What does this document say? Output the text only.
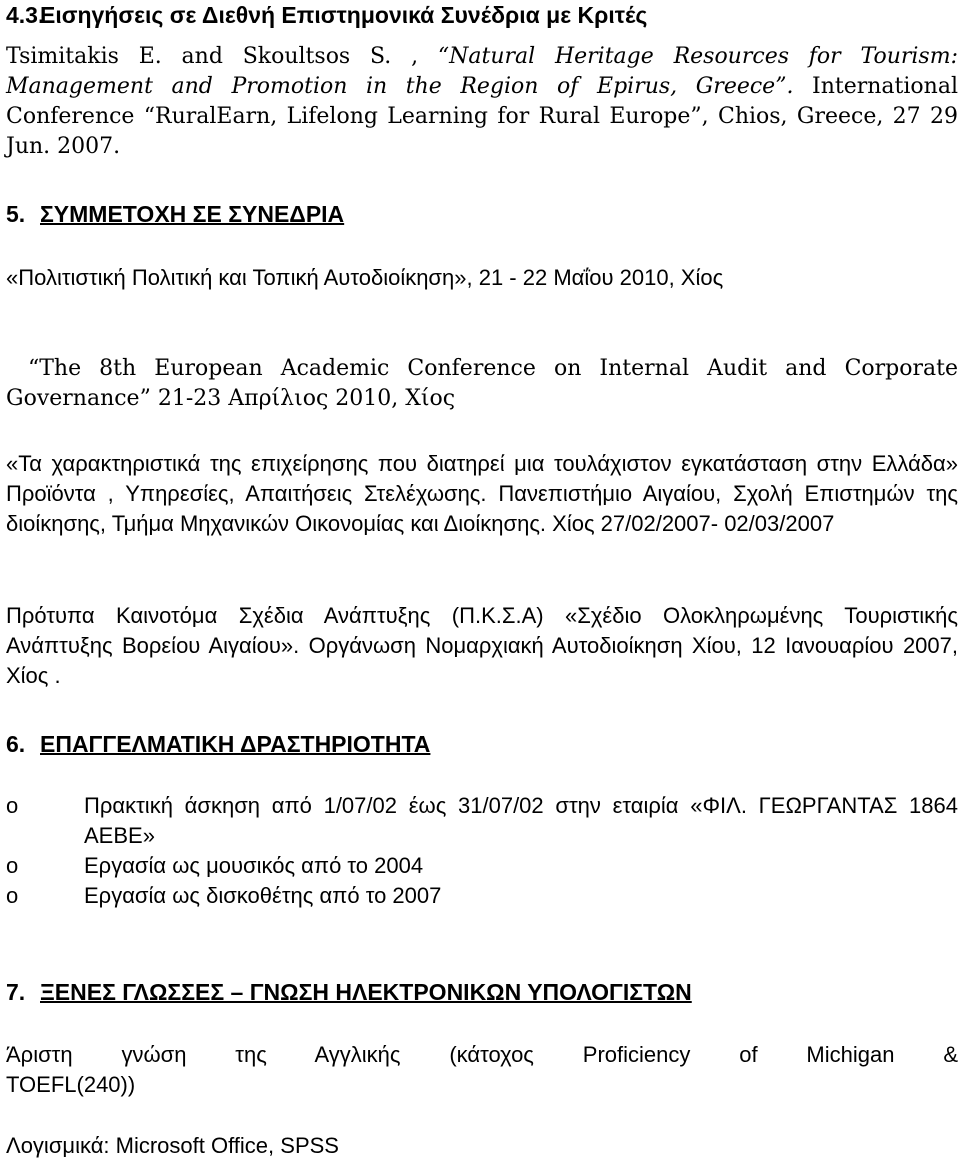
4.3.Εισηγήσεις σε Διεθνή Επιστημονικά Συνέδρια με Κριτές

Tsimitakis E. and Skoultsos S. , “Natural Heritage Resources for Tourism: Management and Promotion in the Region of Epirus, Greece”. International Conference “RuralEarn, Lifelong Learning for Rural Europe”, Chios, Greece, 27 29 Jun. 2007.

5. ΣΥΜΜΕΤΟΧΗ ΣΕ ΣΥΝΕΔΡΙΑ

«Πολιτιστική Πολιτική και Τοπική Αυτοδιοίκηση», 21 - 22 Μαΐου 2010, Χίος

“The 8th European Academic Conference on Internal Audit and Corporate Governance” 21-23 Απρίλιος 2010, Χίος

«Τα χαρακτηριστικά της επιχείρησης που διατηρεί μια τουλάχιστον εγκατάσταση στην Ελλάδα» Προϊόντα , Υπηρεσίες, Απαιτήσεις Στελέχωσης. Πανεπιστήμιο Αιγαίου, Σχολή Επιστημών της διοίκησης, Τμήμα Μηχανικών Οικονομίας και Διοίκησης. Χίος 27/02/2007- 02/03/2007

Πρότυπα Καινοτόμα Σχέδια Ανάπτυξης (Π.Κ.Σ.Α) «Σχέδιο Ολοκληρωμένης Τουριστικής Ανάπτυξης Βορείου Αιγαίου». Οργάνωση Νομαρχιακή Αυτοδιοίκηση Χίου, 12 Ιανουαρίου 2007, Χίος .

6. ΕΠΑΓΓΕΛΜΑΤΙΚΗ ΔΡΑΣΤΗΡΙΟΤΗΤΑ
o	Πρακτική άσκηση από 1/07/02 έως 31/07/02 στην εταιρία «ΦΙΛ. ΓΕΩΡΓΑΝΤΑΣ 1864 ΑΕΒΕ»
o	Εργασία ως μουσικός από το 2004
o	Εργασία ως δισκοθέτης από το 2007
7. ΞΕΝΕΣ ΓΛΩΣΣΕΣ – ΓΝΩΣΗ ΗΛΕΚΤΡΟΝΙΚΩΝ ΥΠΟΛΟΓΙΣΤΩΝ

Άριστη γνώση της Αγγλικής (κάτοχος Proficiency of Michigan &

TOEFL(240))

Λογισμικά: Microsoft Office, SPSS
